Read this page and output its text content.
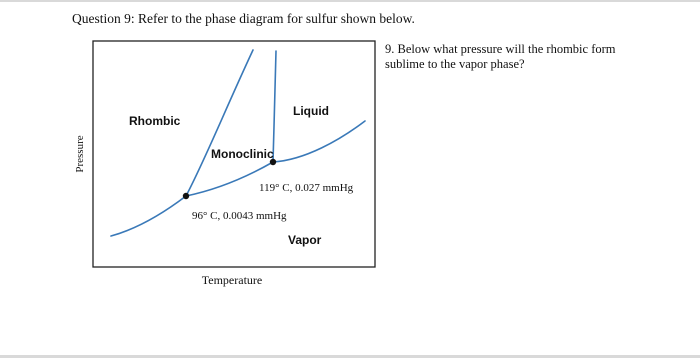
Question 9: Refer to the phase diagram for sulfur shown below.
9. Below what pressure will the rhombic form sublime to the vapor phase?
Rhombic
Liquid
Monoclinic
Vapor
96° C, 0.0043 mmHg
119° C, 0.027 mmHg
Pressure
Temperature
